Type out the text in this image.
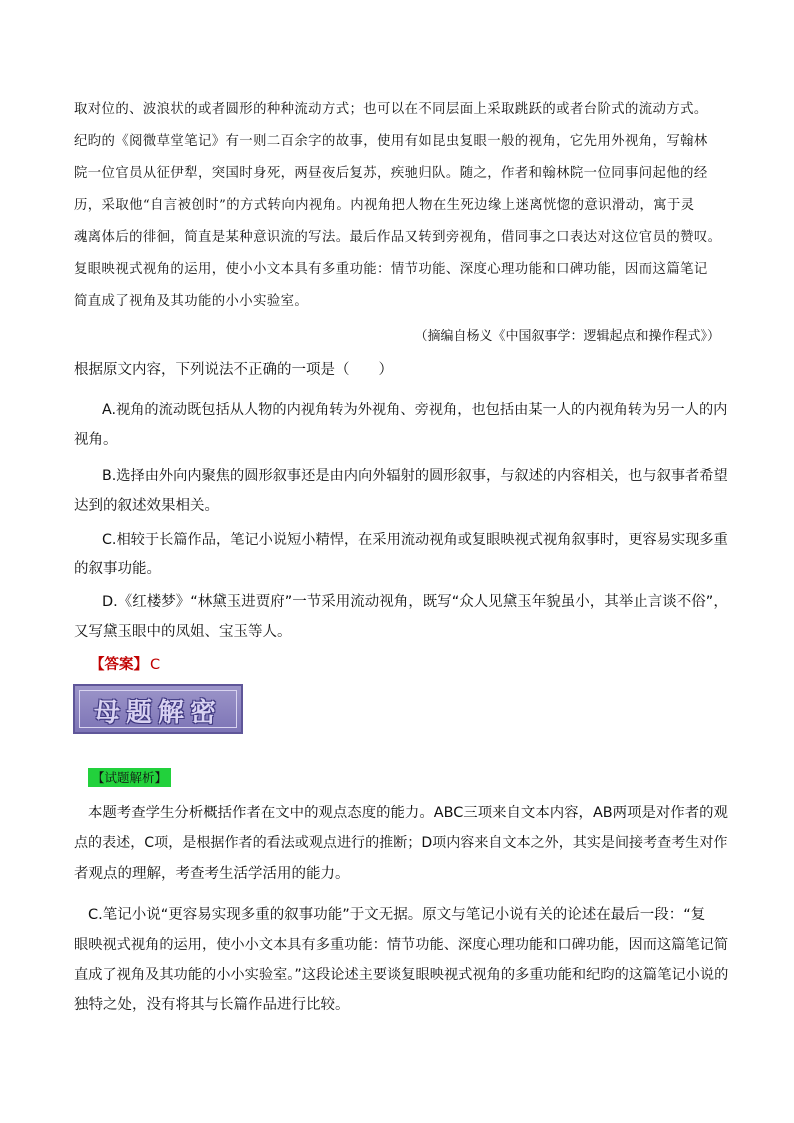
取对位的、波浪状的或者圆形的种种流动方式；也可以在不同层面上采取跳跃的或者台阶式的流动方式。
纪昀的《阅微草堂笔记》有一则二百余字的故事，使用有如昆虫复眼一般的视角，它先用外视角，写翰林
院一位官员从征伊犁，突国时身死，两昼夜后复苏，疾驰归队。随之，作者和翰林院一位同事问起他的经
历，采取他“自言被创时”的方式转向内视角。内视角把人物在生死边缘上迷离恍惚的意识滑动，寓于灵
魂离体后的徘徊，简直是某种意识流的写法。最后作品又转到旁视角，借同事之口表达对这位官员的赞叹。
复眼映视式视角的运用，使小小文本具有多重功能：情节功能、深度心理功能和口碑功能，因而这篇笔记
简直成了视角及其功能的小小实验室。
（摘编自杨义《中国叙事学：逻辑起点和操作程式》）
根据原文内容，下列说法不正确的一项是（　　）
A.视角的流动既包括从人物的内视角转为外视角、旁视角，也包括由某一人的内视角转为另一人的内
视角。
B.选择由外向内聚焦的圆形叙事还是由内向外辐射的圆形叙事，与叙述的内容相关，也与叙事者希望
达到的叙述效果相关。
C.相较于长篇作品，笔记小说短小精悍，在采用流动视角或复眼映视式视角叙事时，更容易实现多重
的叙事功能。
D.《红楼梦》“林黛玉进贾府”一节采用流动视角，既写“众人见黛玉年貌虽小，其举止言谈不俗”，
又写黛玉眼中的凤姐、宝玉等人。
【答案】 C
母题解密
【试题解析】
本题考查学生分析概括作者在文中的观点态度的能力。ABC三项来自文本内容，AB两项是对作者的观
点的表述，C项，是根据作者的看法或观点进行的推断；D项内容来自文本之外，其实是间接考查考生对作
者观点的理解，考查考生活学活用的能力。
C.笔记小说“更容易实现多重的叙事功能”于文无据。原文与笔记小说有关的论述在最后一段：“复
眼映视式视角的运用，使小小文本具有多重功能：情节功能、深度心理功能和口碑功能，因而这篇笔记简
直成了视角及其功能的小小实验室。”这段论述主要谈复眼映视式视角的多重功能和纪昀的这篇笔记小说的
独特之处，没有将其与长篇作品进行比较。
